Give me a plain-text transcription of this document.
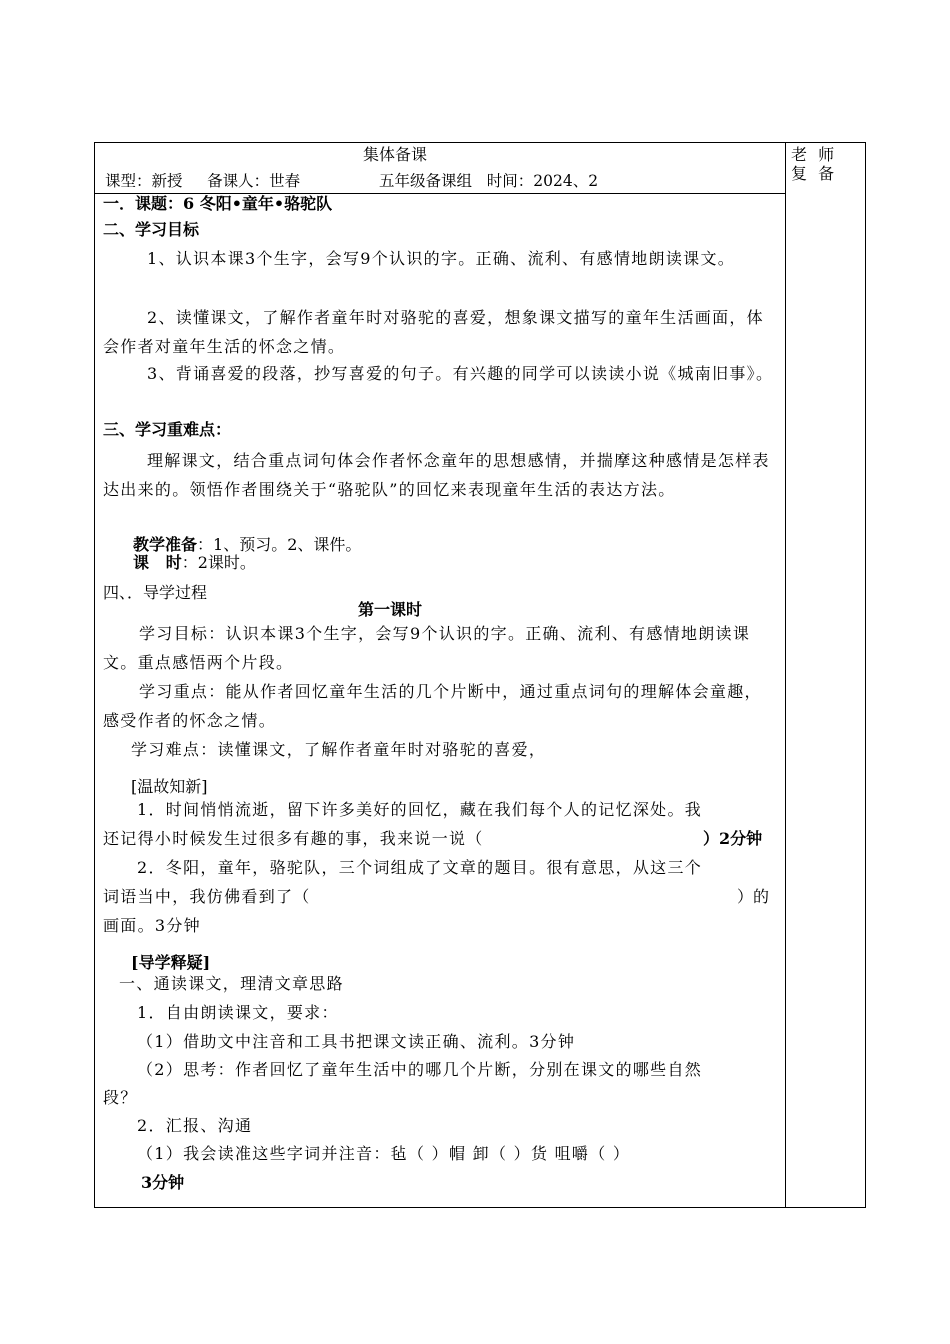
集体备课
课型：新授     备课人：世春                五年级备课组   时间：2024、2
老 师 复 备
一．课题：6 冬阳•童年•骆驼队
二、学习目标
1、认识本课3个生字，会写9个认识的字。正确、流利、有感情地朗读课文。
2、读懂课文，了解作者童年时对骆驼的喜爱，想象课文描写的童年生活画面，体会作者对童年生活的怀念之情。
3、背诵喜爱的段落，抄写喜爱的句子。有兴趣的同学可以读读小说《城南旧事》。
三、学习重难点：
理解课文，结合重点词句体会作者怀念童年的思想感情，并揣摩这种感情是怎样表达出来的。领悟作者围绕关于“骆驼队”的回忆来表现童年生活的表达方法。
教学准备：1、预习。2、课件。
课   时：2课时。
四、．导学过程
第一课时
学习目标：认识本课3个生字，会写9个认识的字。正确、流利、有感情地朗读课文。重点感悟两个片段。
学习重点：能从作者回忆童年生活的几个片断中，通过重点词句的理解体会童趣，感受作者的怀念之情。
学习难点：读懂课文，了解作者童年时对骆驼的喜爱，
[温故知新]
1．时间悄悄流逝，留下许多美好的回忆，藏在我们每个人的记忆深处。我
还记得小时候发生过很多有趣的事，我来说一说（	）2分钟
2．冬阳，童年，骆驼队，三个词组成了文章的题目。很有意思，从这三个
词语当中，我仿佛看到了（	）的
画面。3分钟
[导学释疑]
一、通读课文，理清文章思路
1．自由朗读课文，要求：
（1）借助文中注音和工具书把课文读正确、流利。3分钟
（2）思考：作者回忆了童年生活中的哪几个片断，分别在课文的哪些自然
段？
2．汇报、沟通
（1）我会读准这些字词并注音：毡（ ）帽 卸（ ）货 咀嚼（ ）
3分钟
